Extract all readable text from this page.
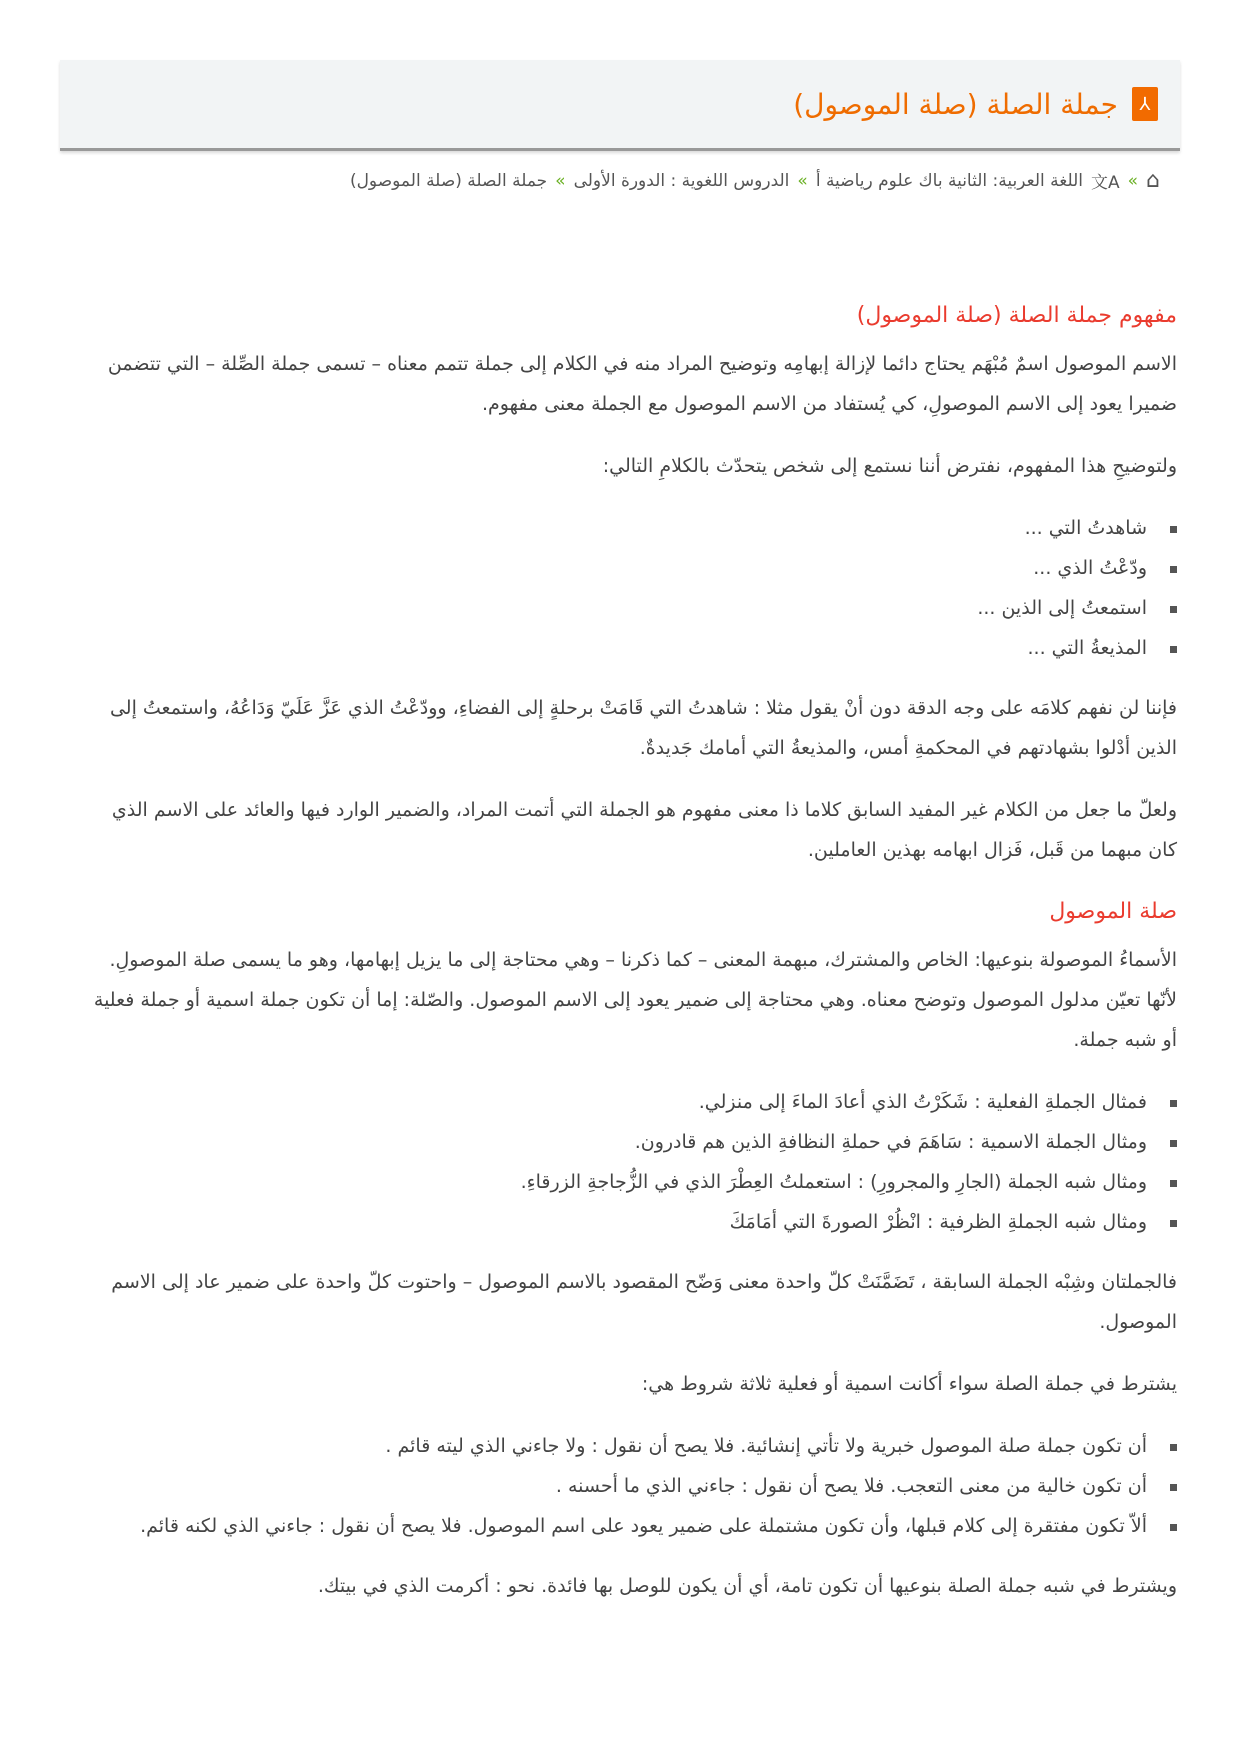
⅄
جملة الصلة (صلة الموصول)
⌂
»
文A
اللغة العربية: الثانية باك علوم رياضية أ
»
الدروس اللغوية : الدورة الأولى
»
جملة الصلة (صلة الموصول)
مفهوم جملة الصلة (صلة الموصول)

الاسم الموصول اسمٌ مُبْهَم يحتاج دائما لإزالة إبهامِه وتوضيح المراد منه في الكلام إلى جملة تتمم معناه – تسمى جملة الصِّلة – التي تتضمن ضميرا يعود إلى الاسم الموصولِ، كي يُستفاد من الاسم الموصول مع الجملة معنى مفهوم.

ولتوضيحِ هذا المفهوم، نفترض أننا نستمع إلى شخص يتحدّث بالكلامِ التالي:

شاهدتُ التي ...
ودّعْتُ الذي ...
استمعتُ إلى الذين ...
المذيعةُ التي ...

فإننا لن نفهم كلامَه على وجه الدقة دون أنْ يقول مثلا : شاهدتُ التي قَامَتْ برحلةٍ إلى الفضاءِ، وودّعْتُ الذي عَزَّ عَلَيّ وَدَاعُهُ، واستمعتُ إلى الذين أدْلوا بشهادتهم في المحكمةِ أمس، والمذيعةُ التي أمامك جَديدةٌ.

ولعلّ ما جعل من الكلام غير المفيد السابق كلاما ذا معنى مفهوم هو الجملة التي أتمت المراد، والضمير الوارد فيها والعائد على الاسم الذي كان مبهما من قَبل، فَزال ابهامه بهذين العاملين.

صلة الموصول

الأسماءُ الموصولة بنوعيها: الخاص والمشترك، مبهمة المعنى – كما ذكرنا – وهي محتاجة إلى ما يزيل إبهامها، وهو ما يسمى صلة الموصولِ. لأنّها تعيّن مدلول الموصول وتوضح معناه. وهي محتاجة إلى ضمير يعود إلى الاسم الموصول. والصّلة: إما أن تكون جملة اسمية أو جملة فعلية أو شبه جملة.

فمثال الجملةِ الفعلية : شَكَرْتُ الذي أعادَ الماءَ إلى منزلي.
ومثال الجملة الاسمية : سَاهَمَ في حملةِ النظافةِ الذين هم قادرون.
ومثال شبه الجملة (الجارِ والمجرورِ) : استعملتُ العِطْرَ الذي في الزُّجاجةِ الزرقاءِ.
ومثال شبه الجملةِ الظرفية : انْظُرْ الصورةَ التي أمَامَكَ

فالجملتان وشِبْه الجملة السابقة ، تَضَمَّنَتْ كلّ واحدة معنى وَضّح المقصود بالاسم الموصول – واحتوت كلّ واحدة على ضمير عاد إلى الاسم الموصول.

يشترط في جملة الصلة سواء أكانت اسمية أو فعلية ثلاثة شروط هي:

أن تكون جملة صلة الموصول خبرية ولا تأتي إنشائية. فلا يصح أن نقول : ولا جاءني الذي ليته قائم .
أن تكون خالية من معنى التعجب. فلا يصح أن نقول : جاءني الذي ما أحسنه .
ألاّ تكون مفتقرة إلى كلام قبلها، وأن تكون مشتملة على ضمير يعود على اسم الموصول. فلا يصح أن نقول : جاءني الذي لكنه قائم.

ويشترط في شبه جملة الصلة بنوعيها أن تكون تامة، أي أن يكون للوصل بها فائدة. نحو : أكرمت الذي في بيتك.
